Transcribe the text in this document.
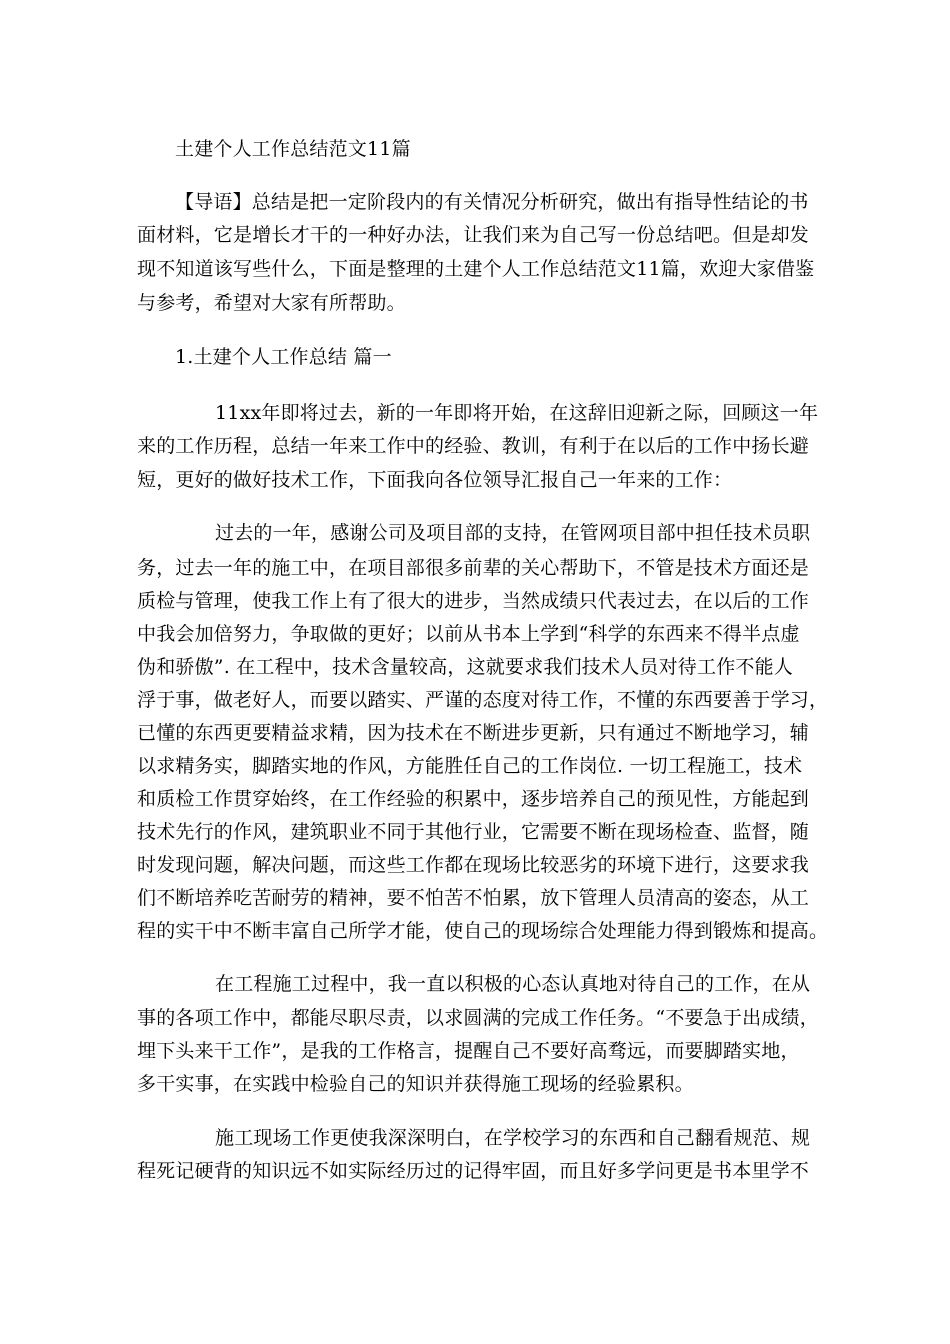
土建个人工作总结范文11篇
【导语】总结是把一定阶段内的有关情况分析研究，做出有指导性结论的书
面材料，它是增长才干的一种好办法，让我们来为自己写一份总结吧。但是却发
现不知道该写些什么，下面是整理的土建个人工作总结范文11篇，欢迎大家借鉴
与参考，希望对大家有所帮助。
1.土建个人工作总结 篇一
11xx年即将过去，新的一年即将开始，在这辞旧迎新之际，回顾这一年
来的工作历程，总结一年来工作中的经验、教训，有利于在以后的工作中扬长避
短，更好的做好技术工作，下面我向各位领导汇报自己一年来的工作：
过去的一年，感谢公司及项目部的支持，在管网项目部中担任技术员职
务，过去一年的施工中，在项目部很多前辈的关心帮助下，不管是技术方面还是
质检与管理，使我工作上有了很大的进步，当然成绩只代表过去，在以后的工作
中我会加倍努力，争取做的更好；以前从书本上学到“科学的东西来不得半点虚
伪和骄傲”. 在工程中，技术含量较高，这就要求我们技术人员对待工作不能人
浮于事，做老好人，而要以踏实、严谨的态度对待工作，不懂的东西要善于学习，
已懂的东西更要精益求精，因为技术在不断进步更新，只有通过不断地学习，辅
以求精务实，脚踏实地的作风，方能胜任自己的工作岗位. 一切工程施工，技术
和质检工作贯穿始终，在工作经验的积累中，逐步培养自己的预见性，方能起到
技术先行的作风，建筑职业不同于其他行业，它需要不断在现场检查、监督，随
时发现问题，解决问题，而这些工作都在现场比较恶劣的环境下进行，这要求我
们不断培养吃苦耐劳的精神，要不怕苦不怕累，放下管理人员清高的姿态，从工
程的实干中不断丰富自己所学才能，使自己的现场综合处理能力得到锻炼和提高。
在工程施工过程中，我一直以积极的心态认真地对待自己的工作，在从
事的各项工作中，都能尽职尽责，以求圆满的完成工作任务。“不要急于出成绩，
埋下头来干工作”，是我的工作格言，提醒自己不要好高骛远，而要脚踏实地，
多干实事，在实践中检验自己的知识并获得施工现场的经验累积。
施工现场工作更使我深深明白，在学校学习的东西和自己翻看规范、规
程死记硬背的知识远不如实际经历过的记得牢固，而且好多学问更是书本里学不
